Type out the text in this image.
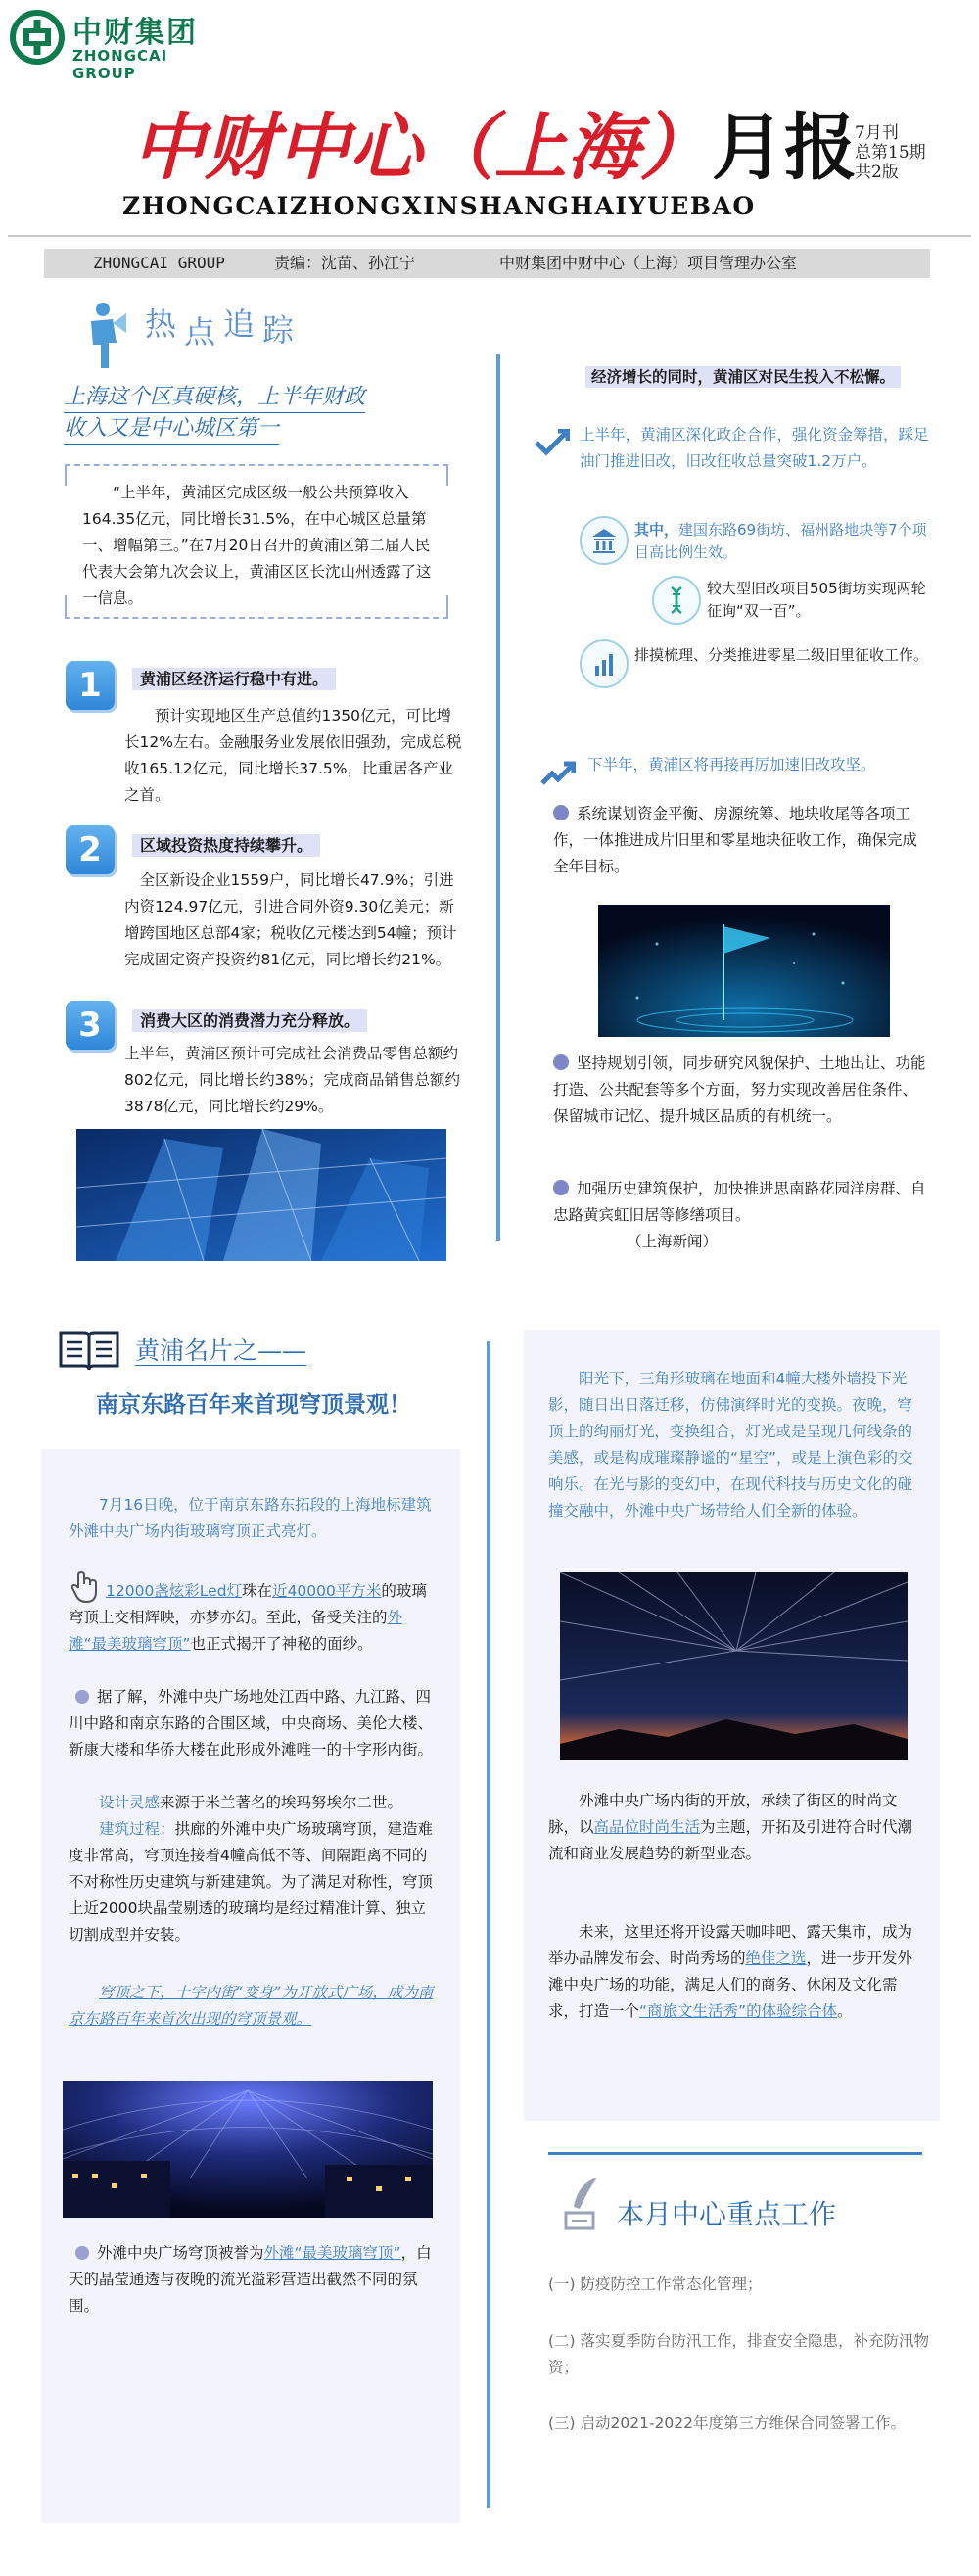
中财集团
ZHONGCAI GROUP
中财中心（上海）月报
7月刊
总第15期
共2版
ZHONGCAIZHONGXINSHANGHAIYUEBAO
ZHONGCAI GROUP	责编：沈苗、孙江宁	中财集团中财中心（上海）项目管理办公室
热 点 追 踪
上海这个区真硬核，上半年财政
收入又是中心城区第一

“上半年，黄浦区完成区级一般公共预算收入164.35亿元，同比增长31.5%，在中心城区总量第一、增幅第三。”在7月20日召开的黄浦区第二届人民代表大会第九次会议上，黄浦区区长沈山州透露了这一信息。

1	黄浦区经济运行稳中有进。

预计实现地区生产总值约1350亿元，可比增长12%左右。金融服务业发展依旧强劲，完成总税收165.12亿元，同比增长37.5%，比重居各产业之首。

2	区域投资热度持续攀升。

全区新设企业1559户，同比增长47.9%；引进内资124.97亿元，引进合同外资9.30亿美元；新增跨国地区总部4家；税收亿元楼达到54幢；预计完成固定资产投资约81亿元，同比增长约21%。

3	消费大区的消费潜力充分释放。

上半年，黄浦区预计可完成社会消费品零售总额约802亿元，同比增长约38%；完成商品销售总额约3878亿元，同比增长约29%。

经济增长的同时，黄浦区对民生投入不松懈。

上半年，黄浦区深化政企合作，强化资金筹措，踩足油门推进旧改，旧改征收总量突破1.2万户。

其中，建国东路69街坊、福州路地块等7个项目高比例生效。

较大型旧改项目505街坊实现两轮征询“双一百”。

排摸梳理、分类推进零星二级旧里征收工作。

下半年，黄浦区将再接再厉加速旧改攻坚。

系统谋划资金平衡、房源统筹、地块收尾等各项工作，一体推进成片旧里和零星地块征收工作，确保完成全年目标。

坚持规划引领，同步研究风貌保护、土地出让、功能打造、公共配套等多个方面，努力实现改善居住条件、保留城市记忆、提升城区品质的有机统一。

加强历史建筑保护，加快推进思南路花园洋房群、自忠路黄宾虹旧居等修缮项目。

（上海新闻）

黄浦名片之——
南京东路百年来首现穹顶景观！

7月16日晚，位于南京东路东拓段的上海地标建筑外滩中央广场内街玻璃穹顶正式亮灯。

12000盏炫彩Led灯珠在近40000平方米的玻璃穹顶上交相辉映，亦梦亦幻。至此，备受关注的外滩“最美玻璃穹顶”也正式揭开了神秘的面纱。

据了解，外滩中央广场地处江西中路、九江路、四川中路和南京东路的合围区域，中央商场、美伦大楼、新康大楼和华侨大楼在此形成外滩唯一的十字形内街。

设计灵感来源于米兰著名的埃玛努埃尔二世。

建筑过程：拱廊的外滩中央广场玻璃穹顶，建造难度非常高，穹顶连接着4幢高低不等、间隔距离不同的不对称性历史建筑与新建建筑。为了满足对称性，穹顶上近2000块晶莹剔透的玻璃均是经过精准计算、独立切割成型并安装。

穹顶之下，十字内街“变身”为开放式广场，成为南京东路百年来首次出现的穹顶景观。

外滩中央广场穹顶被誉为外滩“最美玻璃穹顶”，白天的晶莹通透与夜晚的流光溢彩营造出截然不同的氛围。

阳光下，三角形玻璃在地面和4幢大楼外墙投下光影，随日出日落迁移，仿佛演绎时光的变换。夜晚，穹顶上的绚丽灯光，变换组合，灯光或是呈现几何线条的美感，或是构成璀璨静谧的“星空”，或是上演色彩的交响乐。在光与影的变幻中，在现代科技与历史文化的碰撞交融中，外滩中央广场带给人们全新的体验。

外滩中央广场内街的开放，承续了街区的时尚文脉，以高品位时尚生活为主题，开拓及引进符合时代潮流和商业发展趋势的新型业态。

未来，这里还将开设露天咖啡吧、露天集市，成为举办品牌发布会、时尚秀场的绝佳之选，进一步开发外滩中央广场的功能，满足人们的商务、休闲及文化需求，打造一个“商旅文生活秀”的体验综合体。

本月中心重点工作

(一) 防疫防控工作常态化管理；

(二) 落实夏季防台防汛工作，排查安全隐患，补充防汛物资；

(三) 启动2021-2022年度第三方维保合同签署工作。
